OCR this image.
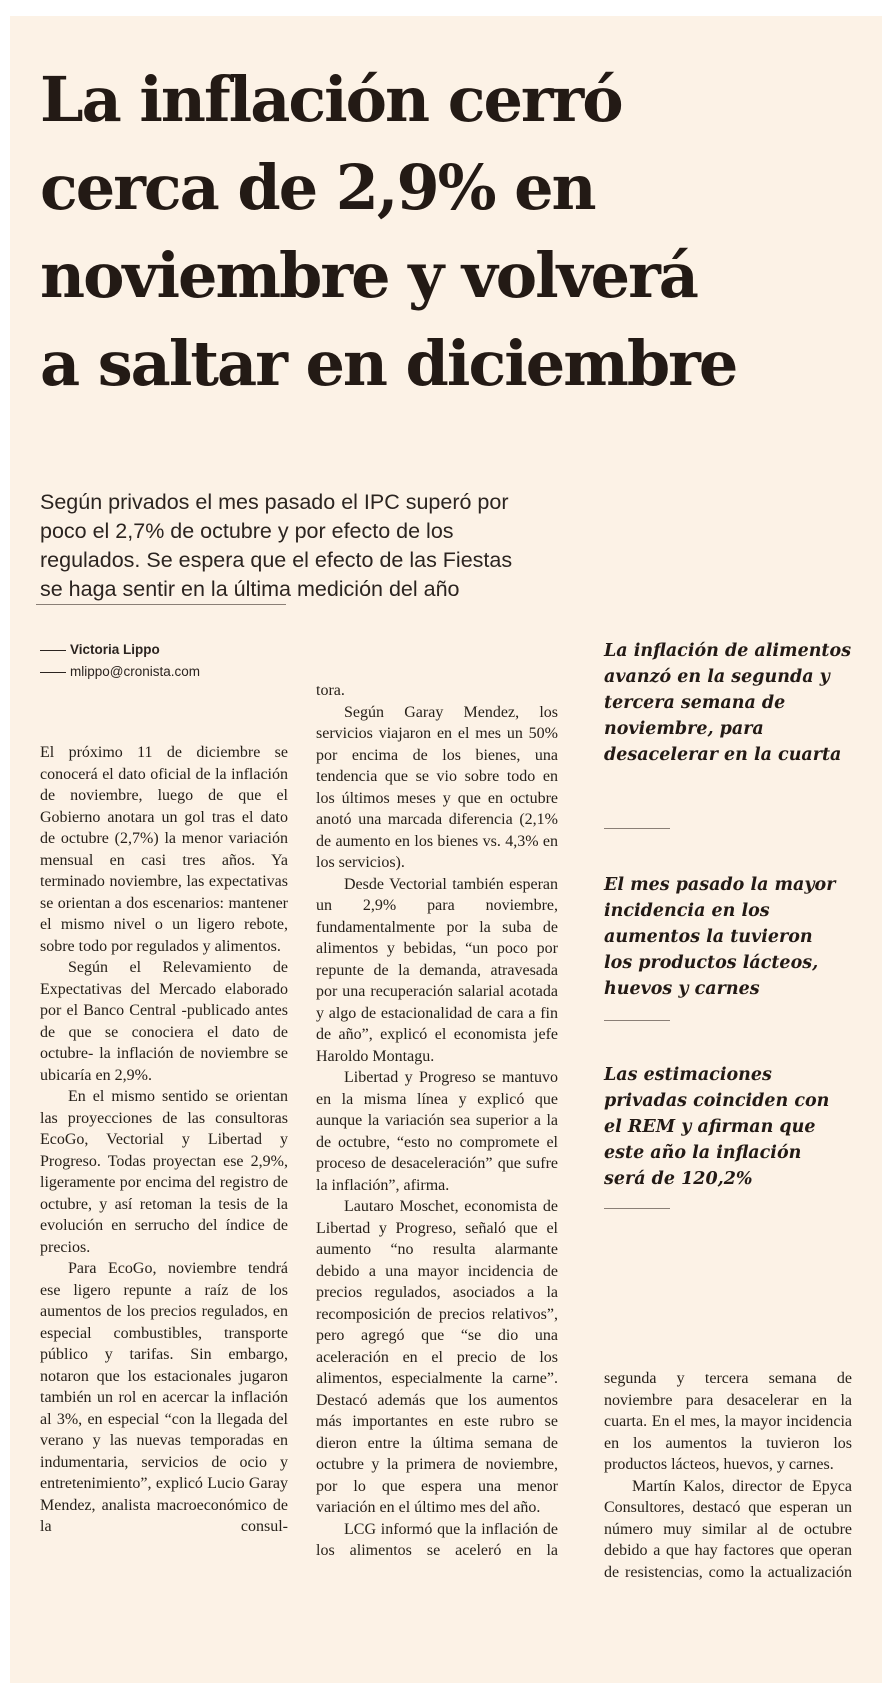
La inflación cerró
cerca de 2,9% en
noviembre y volverá
a saltar en diciembre

Según privados el mes pasado el IPC superó por
poco el 2,7% de octubre y por efecto de los
regulados. Se espera que el efecto de las Fiestas
se haga sentir en la última medición del año

Victoria Lippo
mlippo@cronista.com

El próximo 11 de diciembre se conocerá el dato oficial de la inflación de noviembre, luego de que el Gobierno anotara un gol tras el dato de octubre (2,7%) la menor variación mensual en casi tres años. Ya terminado noviembre, las expectativas se orientan a dos escenarios: mantener el mismo nivel o un ligero rebote, sobre todo por regulados y alimentos.

Según el Relevamiento de Expectativas del Mercado elaborado por el Banco Central -publicado antes de que se conociera el dato de octubre- la inflación de noviembre se ubicaría en 2,9%.

En el mismo sentido se orientan las proyecciones de las consultoras EcoGo, Vectorial y Libertad y Progreso. Todas proyectan ese 2,9%, ligeramente por encima del registro de octubre, y así retoman la tesis de la evolución en serrucho del índice de precios.

Para EcoGo, noviembre tendrá ese ligero repunte a raíz de los aumentos de los precios regulados, en especial combustibles, transporte público y tarifas. Sin embargo, notaron que los estacionales jugaron también un rol en acercar la inflación al 3%, en especial “con la llegada del verano y las nuevas temporadas en indumentaria, servicios de ocio y entretenimiento”, explicó Lucio Garay Mendez, analista macroeconómico de la consul-

tora.

Según Garay Mendez, los servicios viajaron en el mes un 50% por encima de los bienes, una tendencia que se vio sobre todo en los últimos meses y que en octubre anotó una marcada diferencia (2,1% de aumento en los bienes vs. 4,3% en los servicios).

Desde Vectorial también esperan un 2,9% para noviembre, fundamentalmente por la suba de alimentos y bebidas, “un poco por repunte de la demanda, atravesada por una recuperación salarial acotada y algo de estacionalidad de cara a fin de año”, explicó el economista jefe Haroldo Montagu.

Libertad y Progreso se mantuvo en la misma línea y explicó que aunque la variación sea superior a la de octubre, “esto no compromete el proceso de desaceleración” que sufre la inflación”, afirma.

Lautaro Moschet, economista de Libertad y Progreso, señaló que el aumento “no resulta alarmante debido a una mayor incidencia de precios regulados, asociados a la recomposición de precios relativos”, pero agregó que “se dio una aceleración en el precio de los alimentos, especialmente la carne”. Destacó además que los aumentos más importantes en este rubro se dieron entre la última semana de octubre y la primera de noviembre, por lo que espera una menor variación en el último mes del año.

LCG informó que la inflación de los alimentos se aceleró en la

La inflación de alimentos
avanzó en la segunda y
tercera semana de
noviembre, para
desacelerar en la cuarta

El mes pasado la mayor
incidencia en los
aumentos la tuvieron
los productos lácteos,
huevos y carnes

Las estimaciones
privadas coinciden con
el REM y afirman que
este año la inflación
será de 120,2%

segunda y tercera semana de noviembre para desacelerar en la cuarta. En el mes, la mayor incidencia en los aumentos la tuvieron los productos lácteos, huevos, y carnes.

Martín Kalos, director de Epyca Consultores, destacó que esperan un número muy similar al de octubre debido a que hay factores que operan de resistencias, como la actualización
